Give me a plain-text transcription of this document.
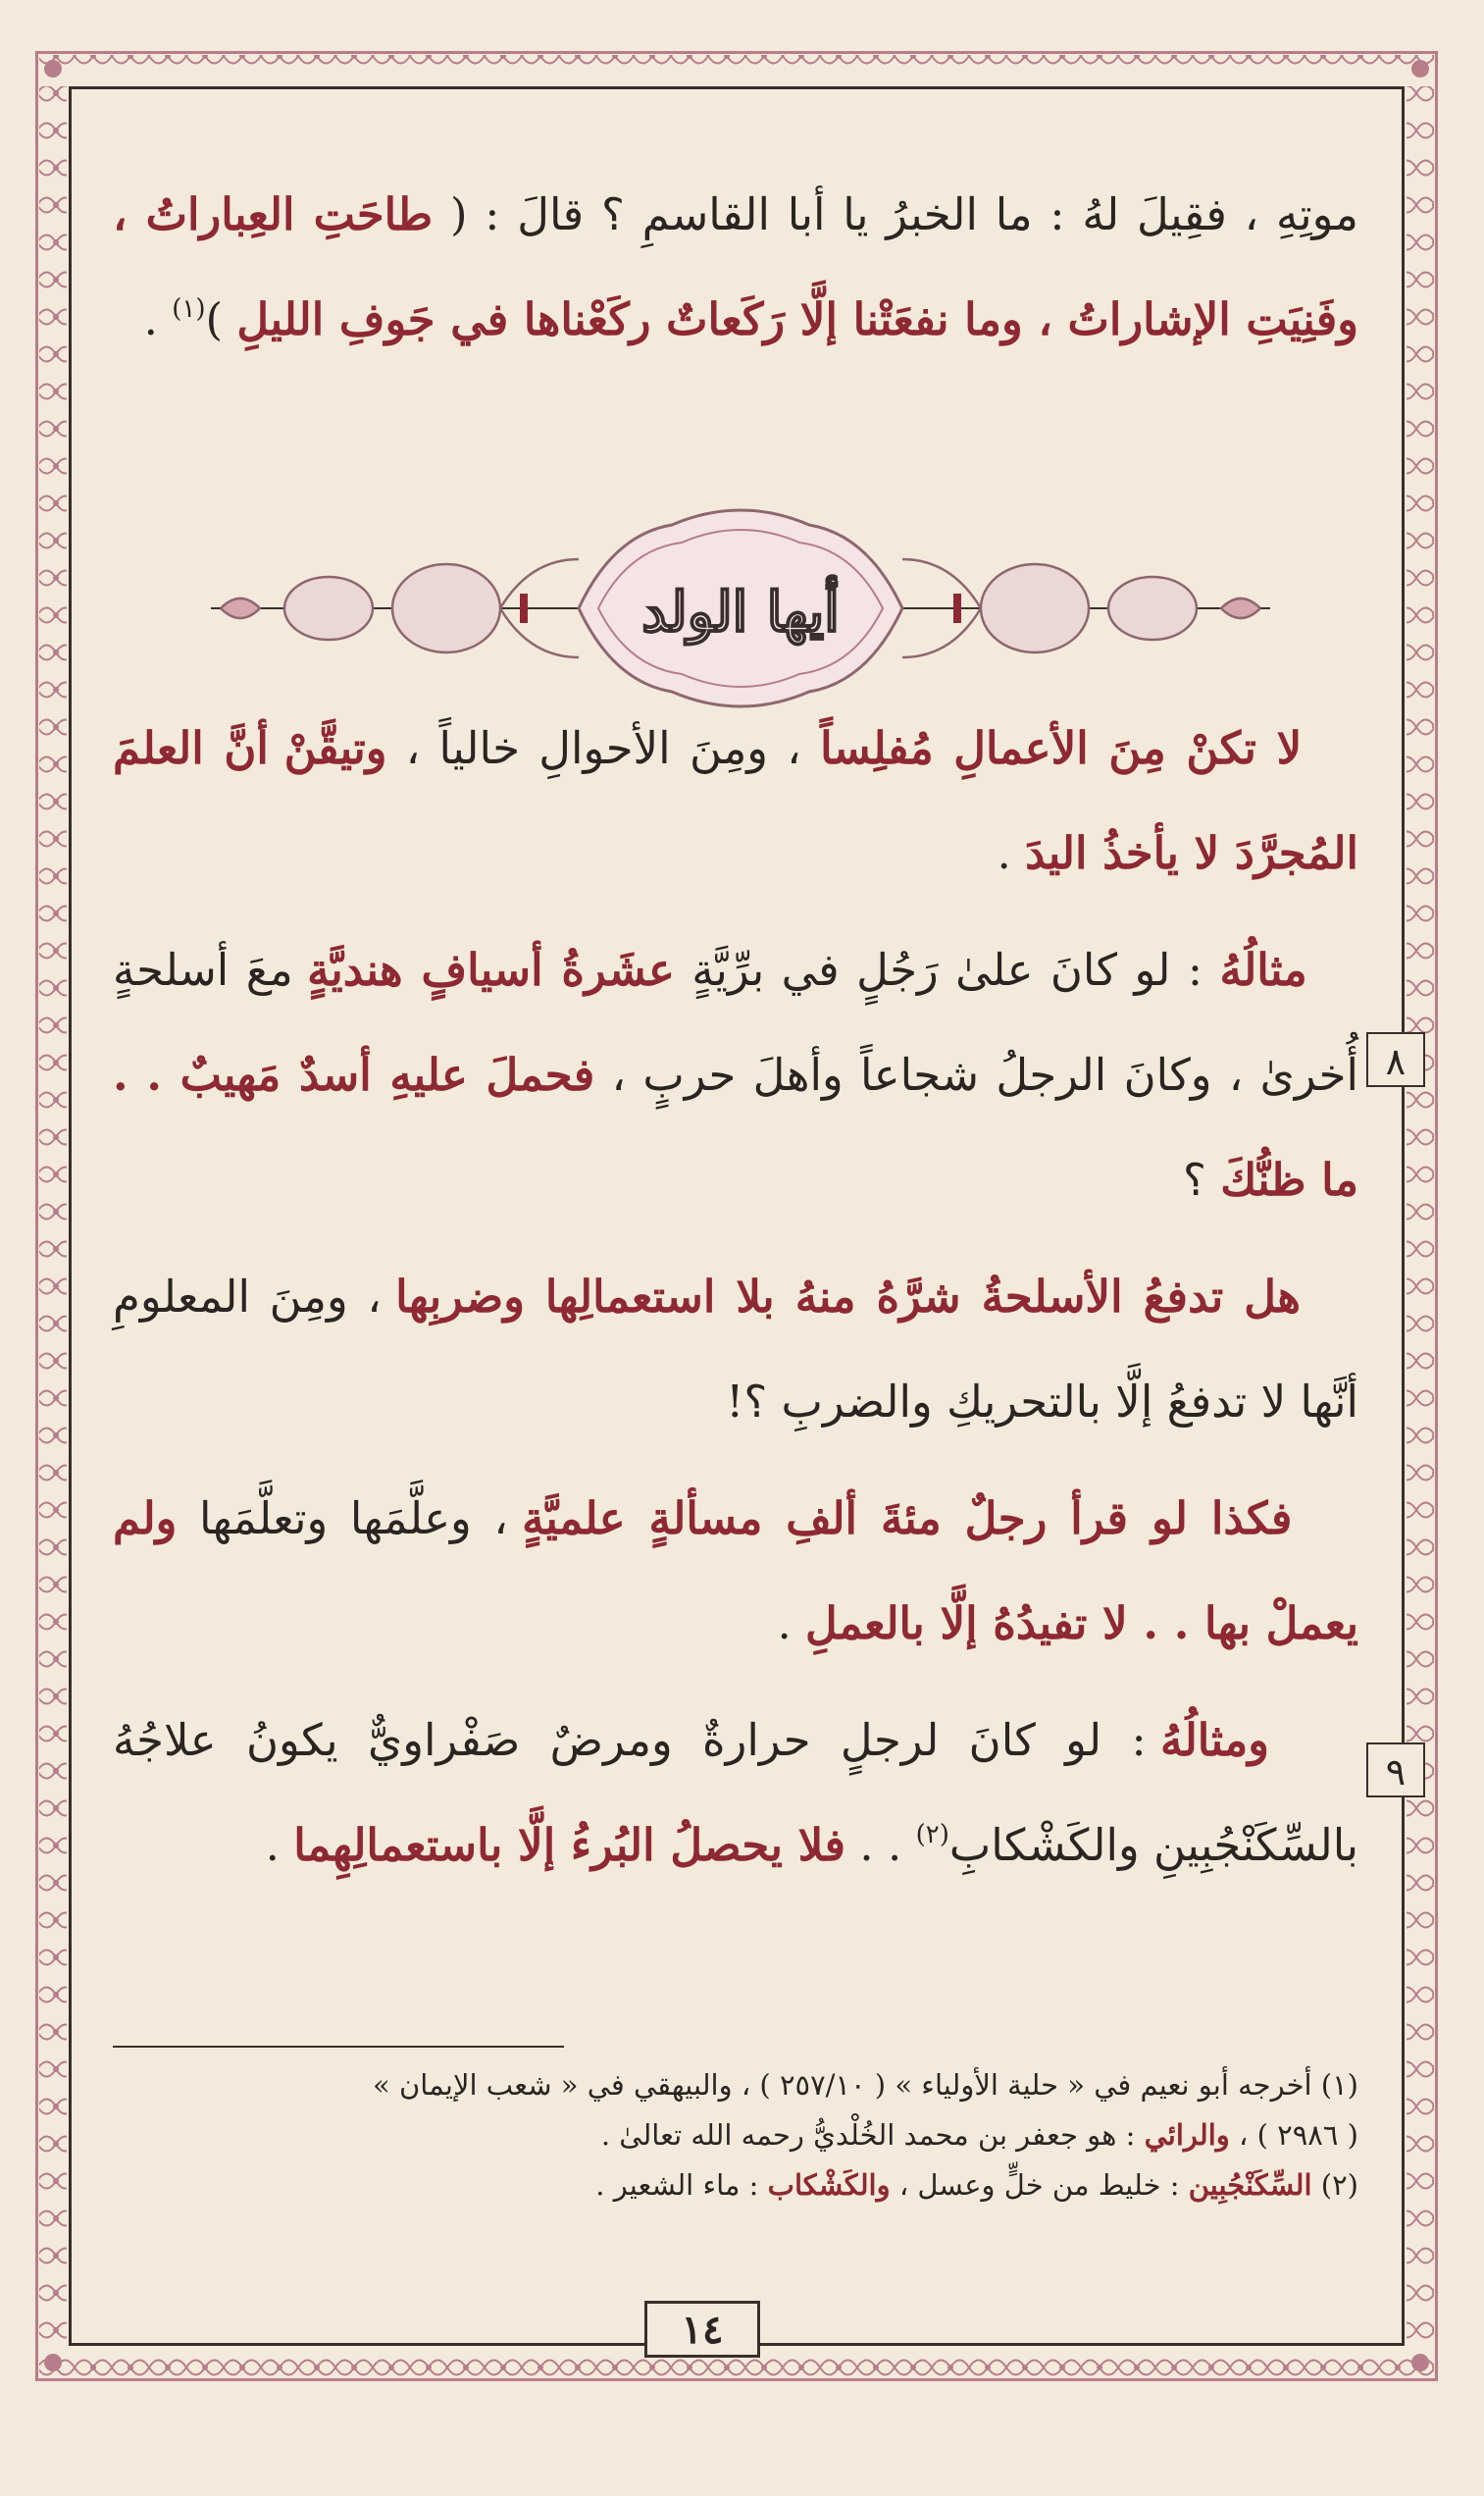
أيها الولد
٨
٩

موتِهِ ، فقِيلَ لهُ : ما الخبرُ يا أبا القاسمِ ؟ قالَ : ( طاحَتِ العِباراتُ ، وفَنِيَتِ الإشاراتُ ، وما نفعَتْنا إلَّا رَكَعاتٌ ركَعْناها في جَوفِ الليلِ )$^{(١)}$ .

لا تكنْ مِنَ الأعمالِ مُفلِساً ، ومِنَ الأحوالِ خالياً ، وتيقَّنْ أنَّ العلمَ المُجرَّدَ لا يأخذُ اليدَ .

مثالُهُ : لو كانَ علىٰ رَجُلٍ في برِّيَّةٍ عشَرةُ أسيافٍ هنديَّةٍ معَ أسلحةٍ أُخرىٰ ، وكانَ الرجلُ شجاعاً وأهلَ حربٍ ، فحملَ عليهِ أسدٌ مَهيبٌ . . ما ظنُّكَ ؟

هل تدفعُ الأسلحةُ شرَّهُ منهُ بلا استعمالِها وضربِها ، ومِنَ المعلومِ أنَّها لا تدفعُ إلَّا بالتحريكِ والضربِ ؟!

فكذا لو قرأ رجلٌ مئةَ ألفِ مسألةٍ علميَّةٍ ، وعلَّمَها وتعلَّمَها ولم يعملْ بها . . لا تفيدُهُ إلَّا بالعملِ .

ومثالُهُ : لو كانَ لرجلٍ حرارةٌ ومرضٌ صَفْراويٌّ يكونُ علاجُهُ بالسِّكَنْجُبِينِ والكَشْكابِ$^{(٢)}$ . . فلا يحصلُ البُرءُ إلَّا باستعمالِهِما .

(١) أخرجه أبو نعيم في « حلية الأولياء » ( ٢٥٧/١٠ ) ، والبيهقي في « شعب الإيمان »

( ٢٩٨٦ ) ، والرائي : هو جعفر بن محمد الخُلْديُّ رحمه الله تعالىٰ .

(٢) السِّكَنْجُبِين : خليط من خلٍّ وعسل ، والكَشْكاب : ماء الشعير .

١٤
